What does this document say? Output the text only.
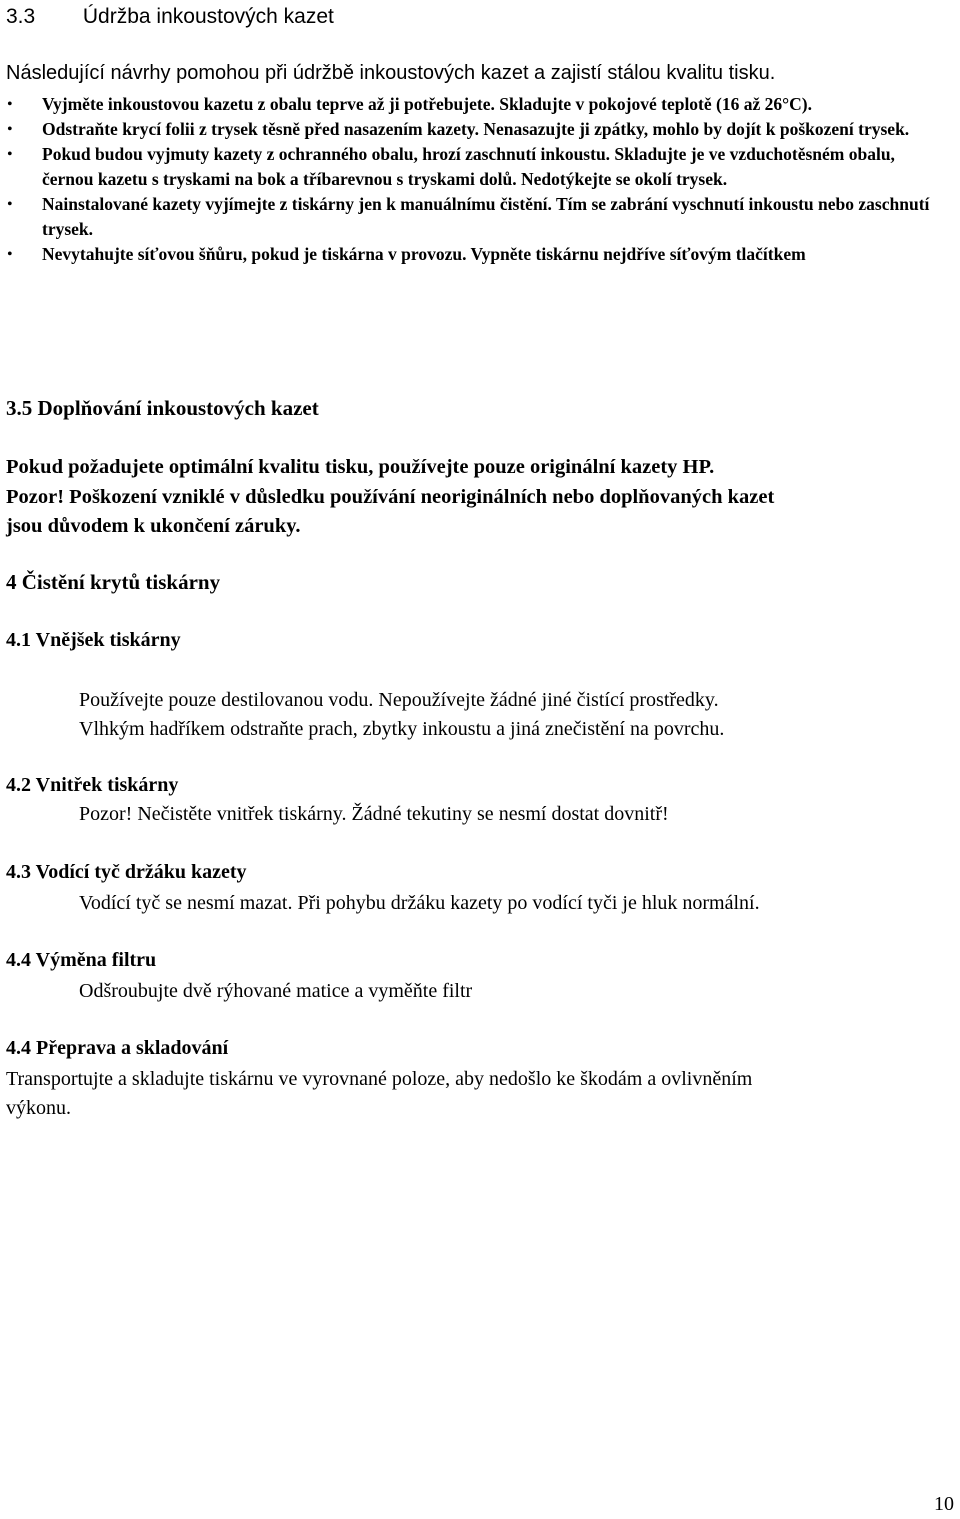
3.3 Údržba inkoustových kazet
Následující návrhy pomohou při údržbě inkoustových kazet a zajistí stálou kvalitu tisku.
• Vyjměte inkoustovou kazetu z obalu teprve až ji potřebujete. Skladujte v pokojové teplotě (16 až 26°C).
• Odstraňte krycí folii z trysek těsně před nasazením kazety. Nenasazujte ji zpátky, mohlo by dojít k poškození trysek.
• Pokud budou vyjmuty kazety z ochranného obalu, hrozí zaschnutí inkoustu. Skladujte je ve vzduchotěsném obalu, černou kazetu s tryskami na bok a tříbarevnou s tryskami dolů. Nedotýkejte se okolí trysek.
• Nainstalované kazety vyjímejte z tiskárny jen k manuálnímu čistění. Tím se zabrání vyschnutí inkoustu nebo zaschnutí trysek.
• Nevytahujte síťovou šňůru, pokud je tiskárna v provozu. Vypněte tiskárnu nejdříve síťovým tlačítkem
3.5 Doplňování inkoustových kazet
Pokud požadujete optimální kvalitu tisku, používejte pouze originální kazety HP.
Pozor! Poškození vzniklé v důsledku používání neoriginálních nebo doplňovaných kazet
jsou důvodem k ukončení záruky.
4 Čistění krytů tiskárny
4.1 Vnějšek tiskárny
Používejte pouze destilovanou vodu. Nepoužívejte žádné jiné čistící prostředky.
Vlhkým hadříkem odstraňte prach, zbytky inkoustu a jiná znečistění na povrchu.
4.2 Vnitřek tiskárny
Pozor! Nečistěte vnitřek tiskárny. Žádné tekutiny se nesmí dostat dovnitř!
4.3 Vodící tyč držáku kazety
Vodící tyč se nesmí mazat. Při pohybu držáku kazety po vodící tyči je hluk normální.
4.4 Výměna filtru
Odšroubujte dvě rýhované matice a vyměňte filtr
4.4 Přeprava a skladování
Transportujte a skladujte tiskárnu ve vyrovnané poloze, aby nedošlo ke škodám a ovlivněním
výkonu.
10
